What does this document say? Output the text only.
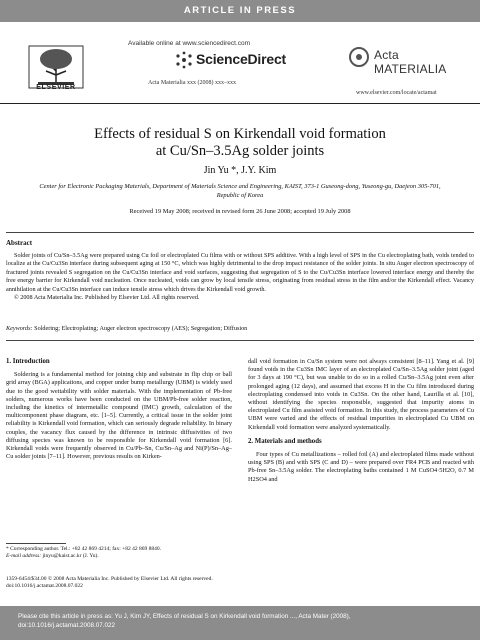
ARTICLE IN PRESS
ELSEVIER
Available online at www.sciencedirect.com
ScienceDirect
Acta Materialia xxx (2008) xxx–xxx
Acta MATERIALIA
www.elsevier.com/locate/actamat
Effects of residual S on Kirkendall void formation
at Cu/Sn–3.5Ag solder joints
Jin Yu *, J.Y. Kim
Center for Electronic Packaging Materials, Department of Materials Science and Engineering, KAIST, 373-1 Guseong-dong, Yuseong-gu, Daejeon 305-701,
Republic of Korea
Received 19 May 2008; received in revised form 26 June 2008; accepted 19 July 2008
Abstract

Solder joints of Cu/Sn–3.5Ag were prepared using Cu foil or electroplated Cu films with or without SPS additive. With a high level of SPS in the Cu electroplating bath, voids tended to localize at the Cu/Cu3Sn interface during subsequent aging at 150 °C, which was highly detrimental to the drop impact resistance of the solder joints. In situ Auger electron spectroscopy of fractured joints revealed S segregation on the Cu/Cu3Sn interface and void surfaces, suggesting that segregation of S to the Cu/Cu3Sn interface lowered interface energy and thereby the free energy barrier for Kirkendall void nucleation. Once nucleated, voids can grow by local tensile stress, originating from residual stress in the film and/or the Kirkendall effect. Vacancy annihilation at the Cu/Cu3Sn interface can induce tensile stress which drives the Kirkendall void growth.

© 2008 Acta Materialia Inc. Published by Elsevier Ltd. All rights reserved.

Keywords: Soldering; Electroplating; Auger electron spectroscopy (AES); Segregation; Diffusion
1. Introduction

Soldering is a fundamental method for joining chip and substrate in flip chip or ball grid array (BGA) applications, and copper under bump metallurgy (UBM) is widely used due to the good wettability with solder materials. With the implementation of Pb-free solders, numerous works have been conducted on the UBM/Pb-free solder reaction, including the kinetics of intermetallic compound (IMC) growth, calculation of the multicomponent phase diagram, etc. [1–5]. Currently, a critical issue in the solder joint reliability is Kirkendall void formation, which can seriously degrade reliability. In binary couples, the vacancy flux caused by the difference in intrinsic diffusivities of two diffusing species was known to be responsible for Kirkendall void formation [6]. Kirkendall voids were frequently observed in Cu/Pb–Sn, Cu/Sn–Ag and Ni(P)/Sn–Ag–Cu solder joints [7–11]. However, previous results on Kirken-

dall void formation in Cu/Sn system were not always consistent [8–11]. Yang et al. [9] found voids in the Cu3Sn IMC layer of an electroplated Cu/Sn–3.5Ag solder joint (aged for 3 days at 190 °C), but was unable to do so in a rolled Cu/Sn–3.5Ag joint even after prolonged aging (12 days), and assumed that excess H in the Cu film introduced during electroplating condensed into voids in Cu3Sn. On the other hand, Laurilla et al. [10], without identifying the species responsible, suggested that impurity atoms in electroplated Cu film assisted void formation. In this study, the process parameters of Cu UBM were varied and the effects of residual impurities in electroplated Cu UBM on Kirkendall void formation were analyzed systematically.

2. Materials and methods

Four types of Cu metallizations – rolled foil (A) and electroplated films made without using SPS (B) and with SPS (C and D) – were prepared over FR4 PCB and reacted with Pb-free Sn–3.5Ag solder. The electroplating baths contained 1 M CuSO4·5H2O, 0.7 M H2SO4 and

* Corresponding author. Tel.: +82 42 869 4214; fax: +82 42 869 8840.
E-mail address: jinyu@kaist.ac.kr (J. Yu).
1359-6454/$34.00 © 2008 Acta Materialia Inc. Published by Elsevier Ltd. All rights reserved.
doi:10.1016/j.actamat.2008.07.022
Please cite this article in press as: Yu J, Kim JY, Effects of residual S on Kirkendall void formation ..., Acta Mater (2008),
doi:10.1016/j.actamat.2008.07.022
